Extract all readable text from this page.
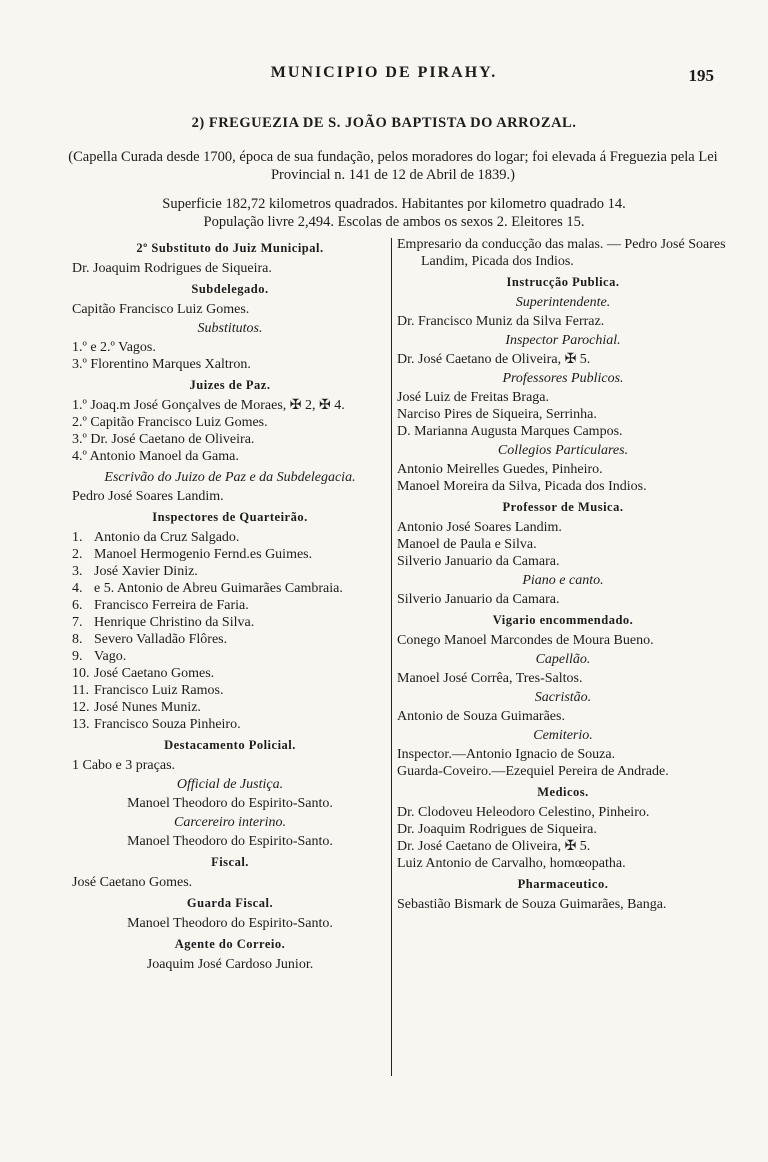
MUNICIPIO DE PIRAHY.	195
2) FREGUEZIA DE S. JOÃO BAPTISTA DO ARROZAL.
(Capella Curada desde 1700, época de sua fundação, pelos moradores do logar; foi elevada á Freguezia pela Lei Provincial n. 141 de 12 de Abril de 1839.)
Superficie 182,72 kilometros quadrados. Habitantes por kilometro quadrado 14.
População livre 2,494. Escolas de ambos os sexos 2. Eleitores 15.
2º Substituto do Juiz Municipal.
Dr. Joaquim Rodrigues de Siqueira.
Subdelegado.
Capitão Francisco Luiz Gomes.
Substitutos.
1.º e 2.º Vagos.
3.º Florentino Marques Xaltron.
Juizes de Paz.
1.º Joaq.m José Gonçalves de Moraes, ✠ 2, ✠ 4.
2.º Capitão Francisco Luiz Gomes.
3.º Dr. José Caetano de Oliveira.
4.º Antonio Manoel da Gama.
Escrivão do Juizo de Paz e da Subdelegacia.
Pedro José Soares Landim.
Inspectores de Quarteirão.
1. Antonio da Cruz Salgado.
2. Manoel Hermogenio Fernd.es Guimes.
3. José Xavier Diniz.
4. e 5. Antonio de Abreu Guimarães Cambraia.
6. Francisco Ferreira de Faria.
7. Henrique Christino da Silva.
8. Severo Valladão Flôres.
9. Vago.
10. José Caetano Gomes.
11. Francisco Luiz Ramos.
12. José Nunes Muniz.
13. Francisco Souza Pinheiro.
Destacamento Policial.
1 Cabo e 3 praças.
Official de Justiça.
Manoel Theodoro do Espirito-Santo.
Carcereiro interino.
Manoel Theodoro do Espirito-Santo.
Fiscal.
José Caetano Gomes.
Guarda Fiscal.
Manoel Theodoro do Espirito-Santo.
Agente do Correio.
Joaquim José Cardoso Junior.
Empresario da conducção das malas. — Pedro José Soares Landim, Picada dos Indios.
Instrucção Publica.
Superintendente.
Dr. Francisco Muniz da Silva Ferraz.
Inspector Parochial.
Dr. José Caetano de Oliveira, ✠ 5.
Professores Publicos.
José Luiz de Freitas Braga.
Narciso Pires de Siqueira, Serrinha.
D. Marianna Augusta Marques Campos.
Collegios Particulares.
Antonio Meirelles Guedes, Pinheiro.
Manoel Moreira da Silva, Picada dos Indios.
Professor de Musica.
Antonio José Soares Landim.
Manoel de Paula e Silva.
Silverio Januario da Camara.
Piano e canto.
Silverio Januario da Camara.
Vigario encommendado.
Conego Manoel Marcondes de Moura Bueno.
Capellão.
Manoel José Corrêa, Tres-Saltos.
Sacristão.
Antonio de Souza Guimarães.
Cemiterio.
Inspector.—Antonio Ignacio de Souza.
Guarda-Coveiro.—Ezequiel Pereira de Andrade.
Medicos.
Dr. Clodoveu Heleodoro Celestino, Pinheiro.
Dr. Joaquim Rodrigues de Siqueira.
Dr. José Caetano de Oliveira, ✠ 5.
Luiz Antonio de Carvalho, homœopatha.
Pharmaceutico.
Sebastião Bismark de Souza Guimarães, Banga.
